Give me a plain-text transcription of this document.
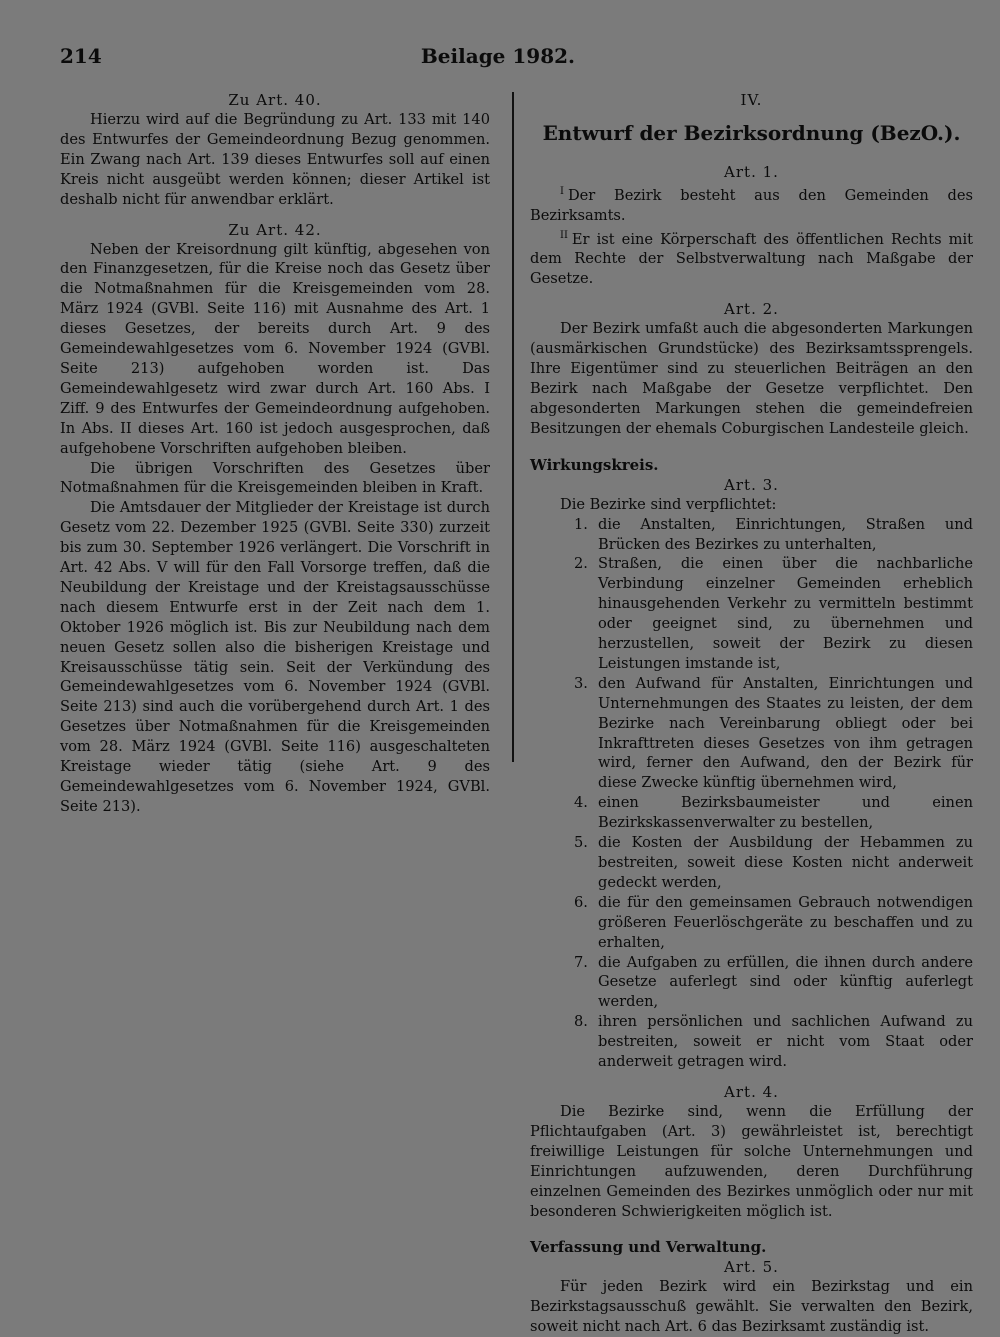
214	Beilage 1982.
Zu Art. 40.

Hierzu wird auf die Begründung zu Art. 133 mit 140 des Entwurfes der Gemeindeordnung Bezug genommen. Ein Zwang nach Art. 139 dieses Entwurfes soll auf einen Kreis nicht ausgeübt werden können; dieser Artikel ist deshalb nicht für anwendbar erklärt.

Zu Art. 42.

Neben der Kreisordnung gilt künftig, abgesehen von den Finanzgesetzen, für die Kreise noch das Gesetz über die Notmaßnahmen für die Kreisgemeinden vom 28. März 1924 (GVBl. Seite 116) mit Ausnahme des Art. 1 dieses Gesetzes, der bereits durch Art. 9 des Gemeindewahlgesetzes vom 6. November 1924 (GVBl. Seite 213) aufgehoben worden ist. Das Gemeindewahlgesetz wird zwar durch Art. 160 Abs. I Ziff. 9 des Entwurfes der Gemeindeordnung aufgehoben. In Abs. II dieses Art. 160 ist jedoch ausgesprochen, daß aufgehobene Vorschriften aufgehoben bleiben.

Die übrigen Vorschriften des Gesetzes über Notmaßnahmen für die Kreisgemeinden bleiben in Kraft.

Die Amtsdauer der Mitglieder der Kreistage ist durch Gesetz vom 22. Dezember 1925 (GVBl. Seite 330) zurzeit bis zum 30. September 1926 verlängert. Die Vorschrift in Art. 42 Abs. V will für den Fall Vorsorge treffen, daß die Neubildung der Kreistage und der Kreistagsausschüsse nach diesem Entwurfe erst in der Zeit nach dem 1. Oktober 1926 möglich ist. Bis zur Neubildung nach dem neuen Gesetz sollen also die bisherigen Kreistage und Kreisausschüsse tätig sein. Seit der Verkündung des Gemeindewahlgesetzes vom 6. November 1924 (GVBl. Seite 213) sind auch die vorübergehend durch Art. 1 des Gesetzes über Notmaßnahmen für die Kreisgemeinden vom 28. März 1924 (GVBl. Seite 116) ausgeschalteten Kreistage wieder tätig (siehe Art. 9 des Gemeindewahlgesetzes vom 6. November 1924, GVBl. Seite 213).

IV.
Entwurf der Bezirksordnung (BezO.).
Art. 1.

$^I$ Der Bezirk besteht aus den Gemeinden des Bezirksamts.

$^{II}$ Er ist eine Körperschaft des öffentlichen Rechts mit dem Rechte der Selbstverwaltung nach Maßgabe der Gesetze.

Art. 2.

Der Bezirk umfaßt auch die abgesonderten Markungen (ausmärkischen Grundstücke) des Bezirksamtssprengels. Ihre Eigentümer sind zu steuerlichen Beiträgen an den Bezirk nach Maßgabe der Gesetze verpflichtet. Den abgesonderten Markungen stehen die gemeindefreien Besitzungen der ehemals Coburgischen Landesteile gleich.

Wirkungskreis.
Art. 3.

Die Bezirke sind verpflichtet:

1. die Anstalten, Einrichtungen, Straßen und Brücken des Bezirkes zu unterhalten,
2. Straßen, die einen über die nachbarliche Verbindung einzelner Gemeinden erheblich hinausgehenden Verkehr zu vermitteln bestimmt oder geeignet sind, zu übernehmen und herzustellen, soweit der Bezirk zu diesen Leistungen imstande ist,
3. den Aufwand für Anstalten, Einrichtungen und Unternehmungen des Staates zu leisten, der dem Bezirke nach Vereinbarung obliegt oder bei Inkrafttreten dieses Gesetzes von ihm getragen wird, ferner den Aufwand, den der Bezirk für diese Zwecke künftig übernehmen wird,
4. einen Bezirksbaumeister und einen Bezirkskassenverwalter zu bestellen,
5. die Kosten der Ausbildung der Hebammen zu bestreiten, soweit diese Kosten nicht anderweit gedeckt werden,
6. die für den gemeinsamen Gebrauch notwendigen größeren Feuerlöschgeräte zu beschaffen und zu erhalten,
7. die Aufgaben zu erfüllen, die ihnen durch andere Gesetze auferlegt sind oder künftig auferlegt werden,
8. ihren persönlichen und sachlichen Aufwand zu bestreiten, soweit er nicht vom Staat oder anderweit getragen wird.
Art. 4.

Die Bezirke sind, wenn die Erfüllung der Pflichtaufgaben (Art. 3) gewährleistet ist, berechtigt freiwillige Leistungen für solche Unternehmungen und Einrichtungen aufzuwenden, deren Durchführung einzelnen Gemeinden des Bezirkes unmöglich oder nur mit besonderen Schwierigkeiten möglich ist.

Verfassung und Verwaltung.
Art. 5.

Für jeden Bezirk wird ein Bezirkstag und ein Bezirkstagsausschuß gewählt. Sie verwalten den Bezirk, soweit nicht nach Art. 6 das Bezirksamt zuständig ist.
